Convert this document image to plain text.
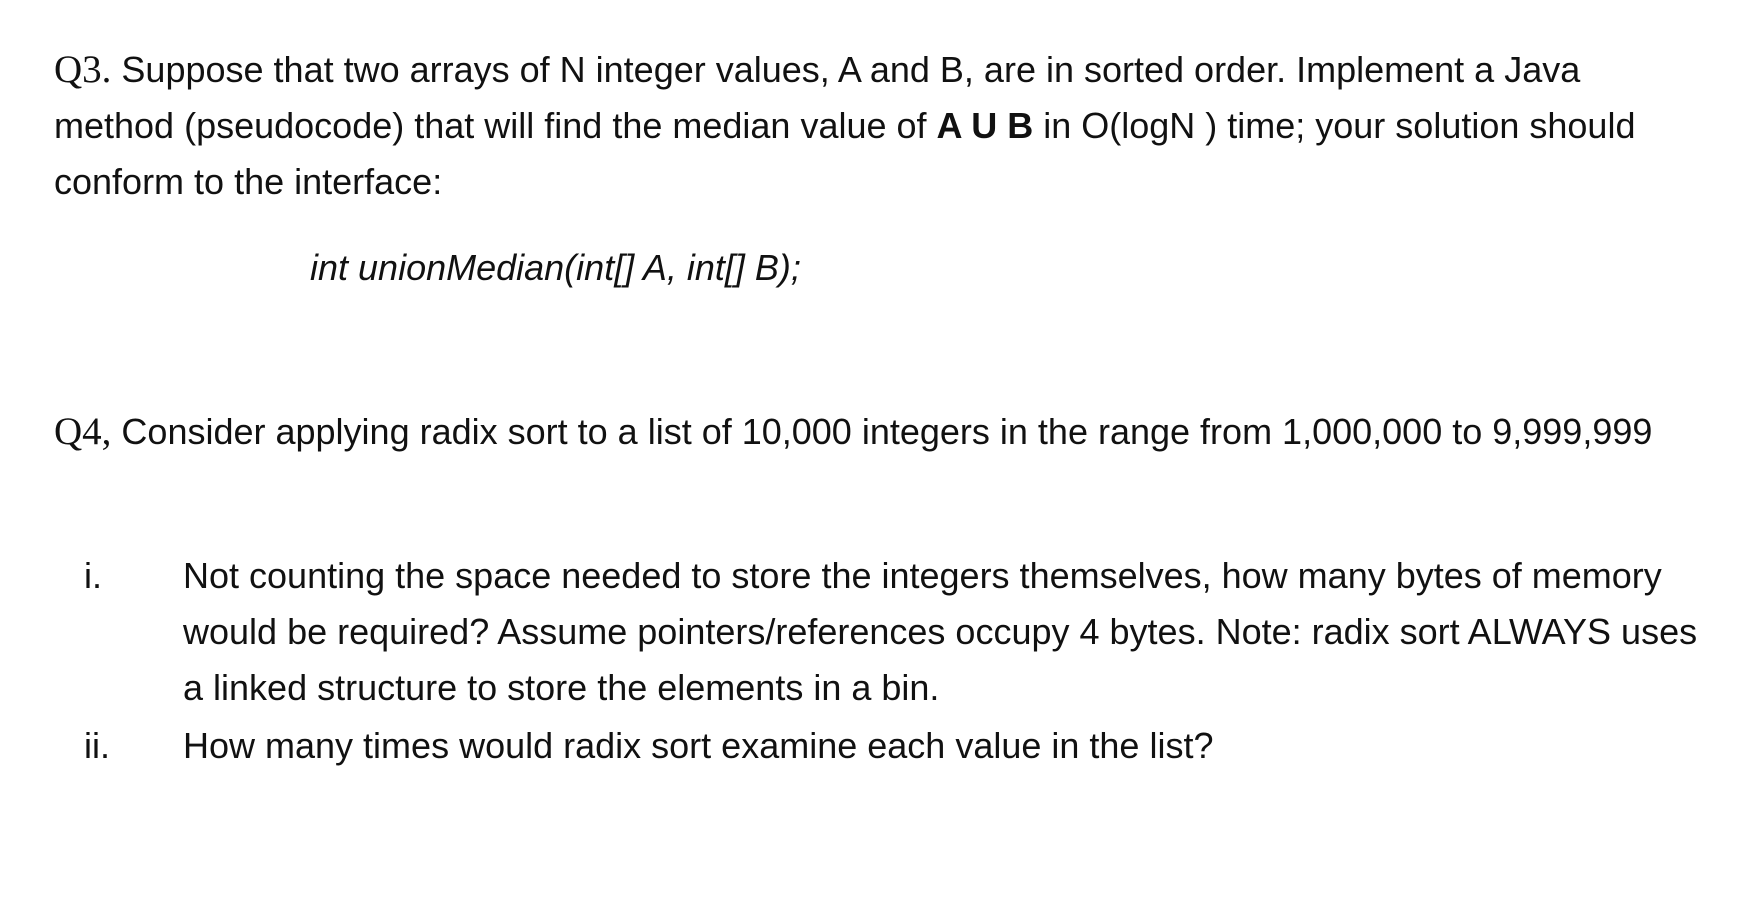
Q3. Suppose that two arrays of N integer values, A and B, are in sorted order. Implement a Java method (pseudocode) that will find the median value of A U B in O(logN ) time; your solution should conform to the interface:

int unionMedian(int[] A, int[] B);

Q4, Consider applying radix sort to a list of 10,000 integers in the range from 1,000,000 to 9,999,999

i. Not counting the space needed to store the integers themselves, how many bytes of memory would be required? Assume pointers/references occupy 4 bytes. Note: radix sort ALWAYS uses a linked structure to store the elements in a bin.

ii. How many times would radix sort examine each value in the list?
